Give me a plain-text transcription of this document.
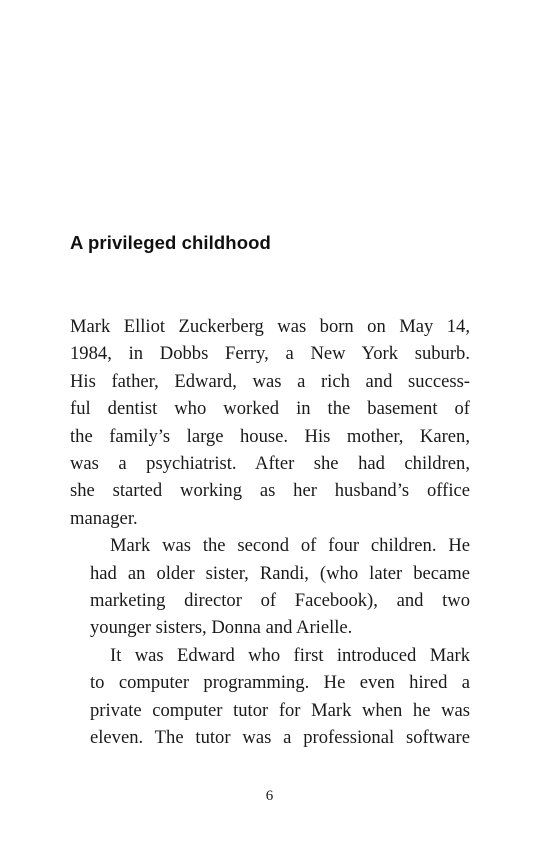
A privileged childhood

Mark Elliot Zuckerberg was born on May 14,
1984, in Dobbs Ferry, a New York suburb.
His father, Edward, was a rich and success-
ful dentist who worked in the basement of
the family’s large house. His mother, Karen,
was a psychiatrist. After she had children,
she started working as her husband’s office
manager.

Mark was the second of four children. He
had an older sister, Randi, (who later became
marketing director of Facebook), and two
younger sisters, Donna and Arielle.

It was Edward who first introduced Mark
to computer programming. He even hired a
private computer tutor for Mark when he was
eleven. The tutor was a professional software

6
